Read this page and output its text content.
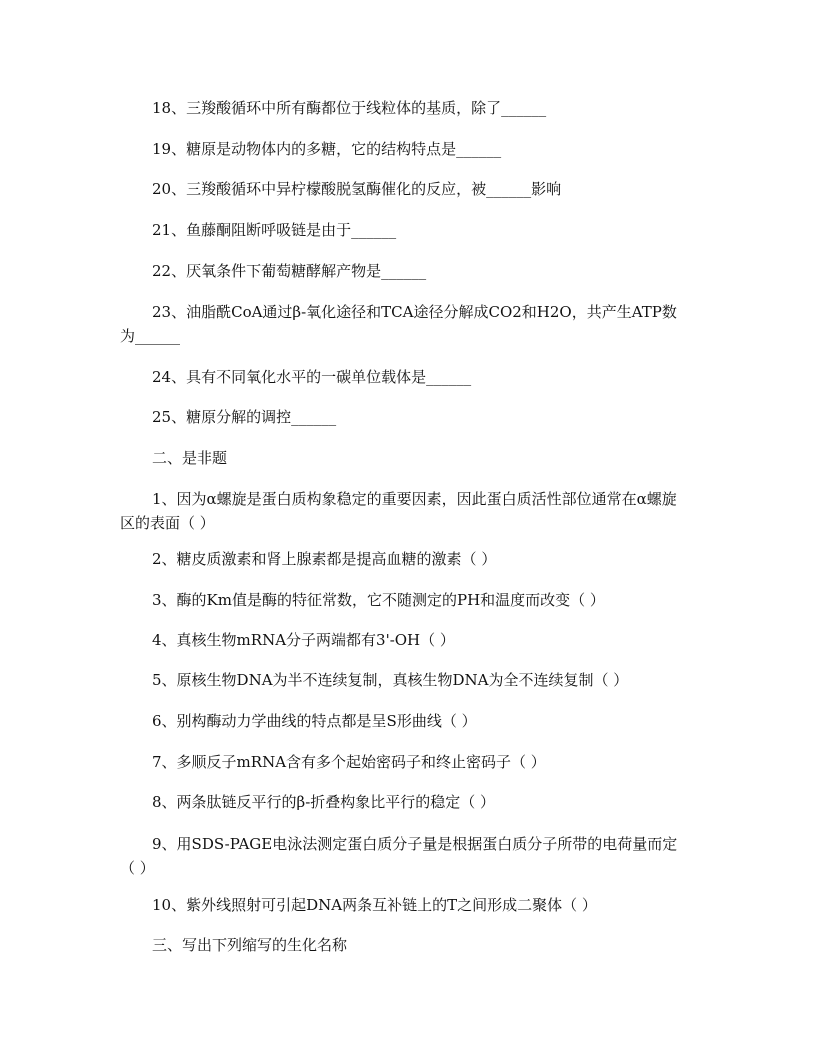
18、三羧酸循环中所有酶都位于线粒体的基质，除了______
19、糖原是动物体内的多糖，它的结构特点是______
20、三羧酸循环中异柠檬酸脱氢酶催化的反应，被______影响
21、鱼藤酮阻断呼吸链是由于______
22、厌氧条件下葡萄糖酵解产物是______
23、油脂酰CoA通过β-氧化途径和TCA途径分解成CO2和H2O，共产生ATP数为______
24、具有不同氧化水平的一碳单位载体是______
25、糖原分解的调控______
二、是非题
1、因为α螺旋是蛋白质构象稳定的重要因素，因此蛋白质活性部位通常在α螺旋区的表面（ ）
2、糖皮质激素和肾上腺素都是提高血糖的激素（ ）
3、酶的Km值是酶的特征常数，它不随测定的PH和温度而改变（ ）
4、真核生物mRNA分子两端都有3'-OH（ ）
5、原核生物DNA为半不连续复制，真核生物DNA为全不连续复制（ ）
6、别构酶动力学曲线的特点都是呈S形曲线（ ）
7、多顺反子mRNA含有多个起始密码子和终止密码子（ ）
8、两条肽链反平行的β-折叠构象比平行的稳定（ ）
9、用SDS-PAGE电泳法测定蛋白质分子量是根据蛋白质分子所带的电荷量而定（ ）
10、紫外线照射可引起DNA两条互补链上的T之间形成二聚体（ ）
三、写出下列缩写的生化名称
